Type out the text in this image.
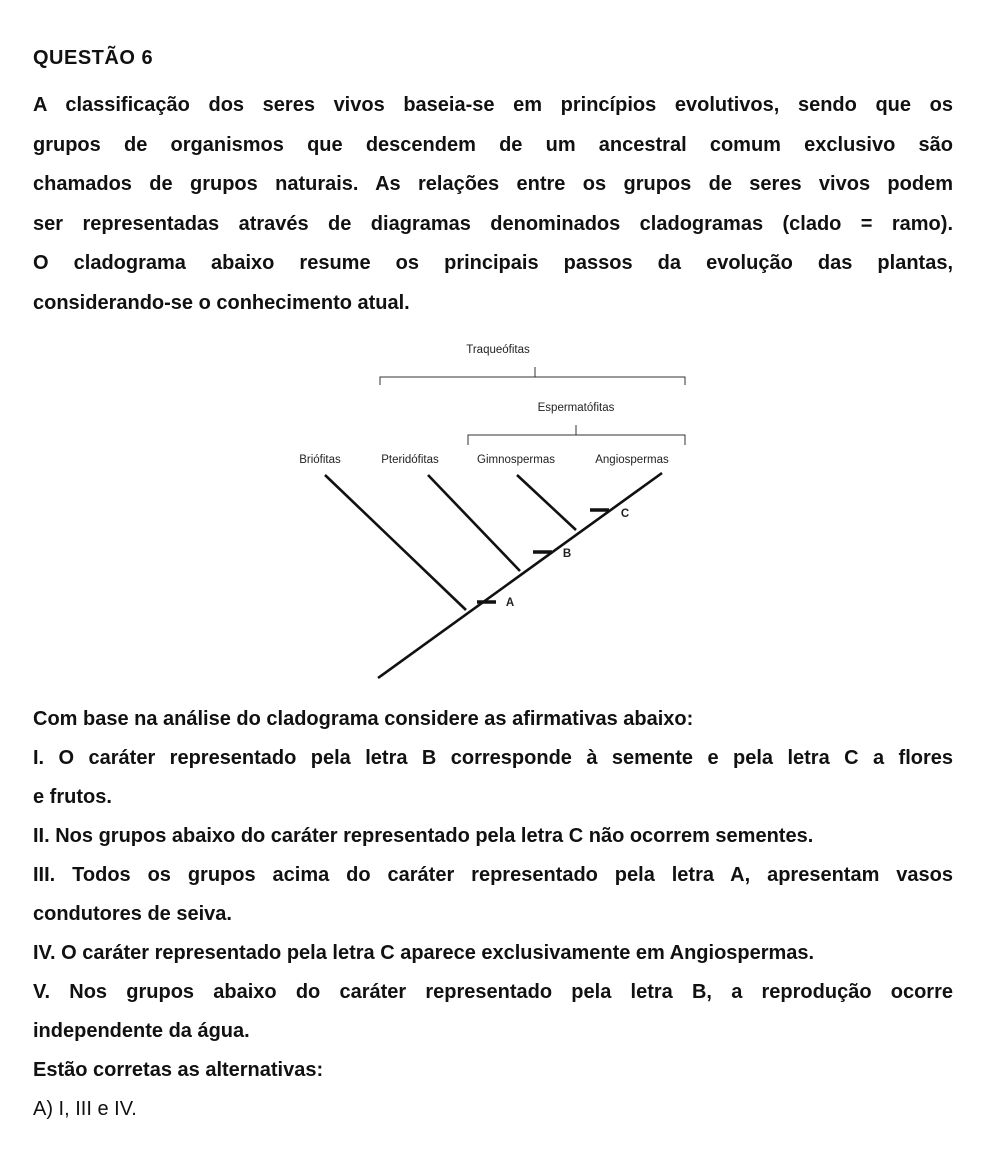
QUESTÃO 6

A classificação dos seres vivos baseia-se em princípios evolutivos, sendo que os
grupos de organismos que descendem de um ancestral comum exclusivo são
chamados de grupos naturais. As relações entre os grupos de seres vivos podem
ser representadas através de diagramas denominados cladogramas (clado = ramo).
O cladograma abaixo resume os principais passos da evolução das plantas,
considerando-se o conhecimento atual.

Traqueófitas
Espermatófitas
Briófitas	Pteridófitas	Gimnospermas	Angiospermas
A
B
C

Com base na análise do cladograma considere as afirmativas abaixo:

I. O caráter representado pela letra B corresponde à semente e pela letra C a flores
e frutos.

II. Nos grupos abaixo do caráter representado pela letra C não ocorrem sementes.

III. Todos os grupos acima do caráter representado pela letra A, apresentam vasos
condutores de seiva.

IV. O caráter representado pela letra C aparece exclusivamente em Angiospermas.

V. Nos grupos abaixo do caráter representado pela letra B, a reprodução ocorre
independente da água.

Estão corretas as alternativas:

A) I, III e IV.
